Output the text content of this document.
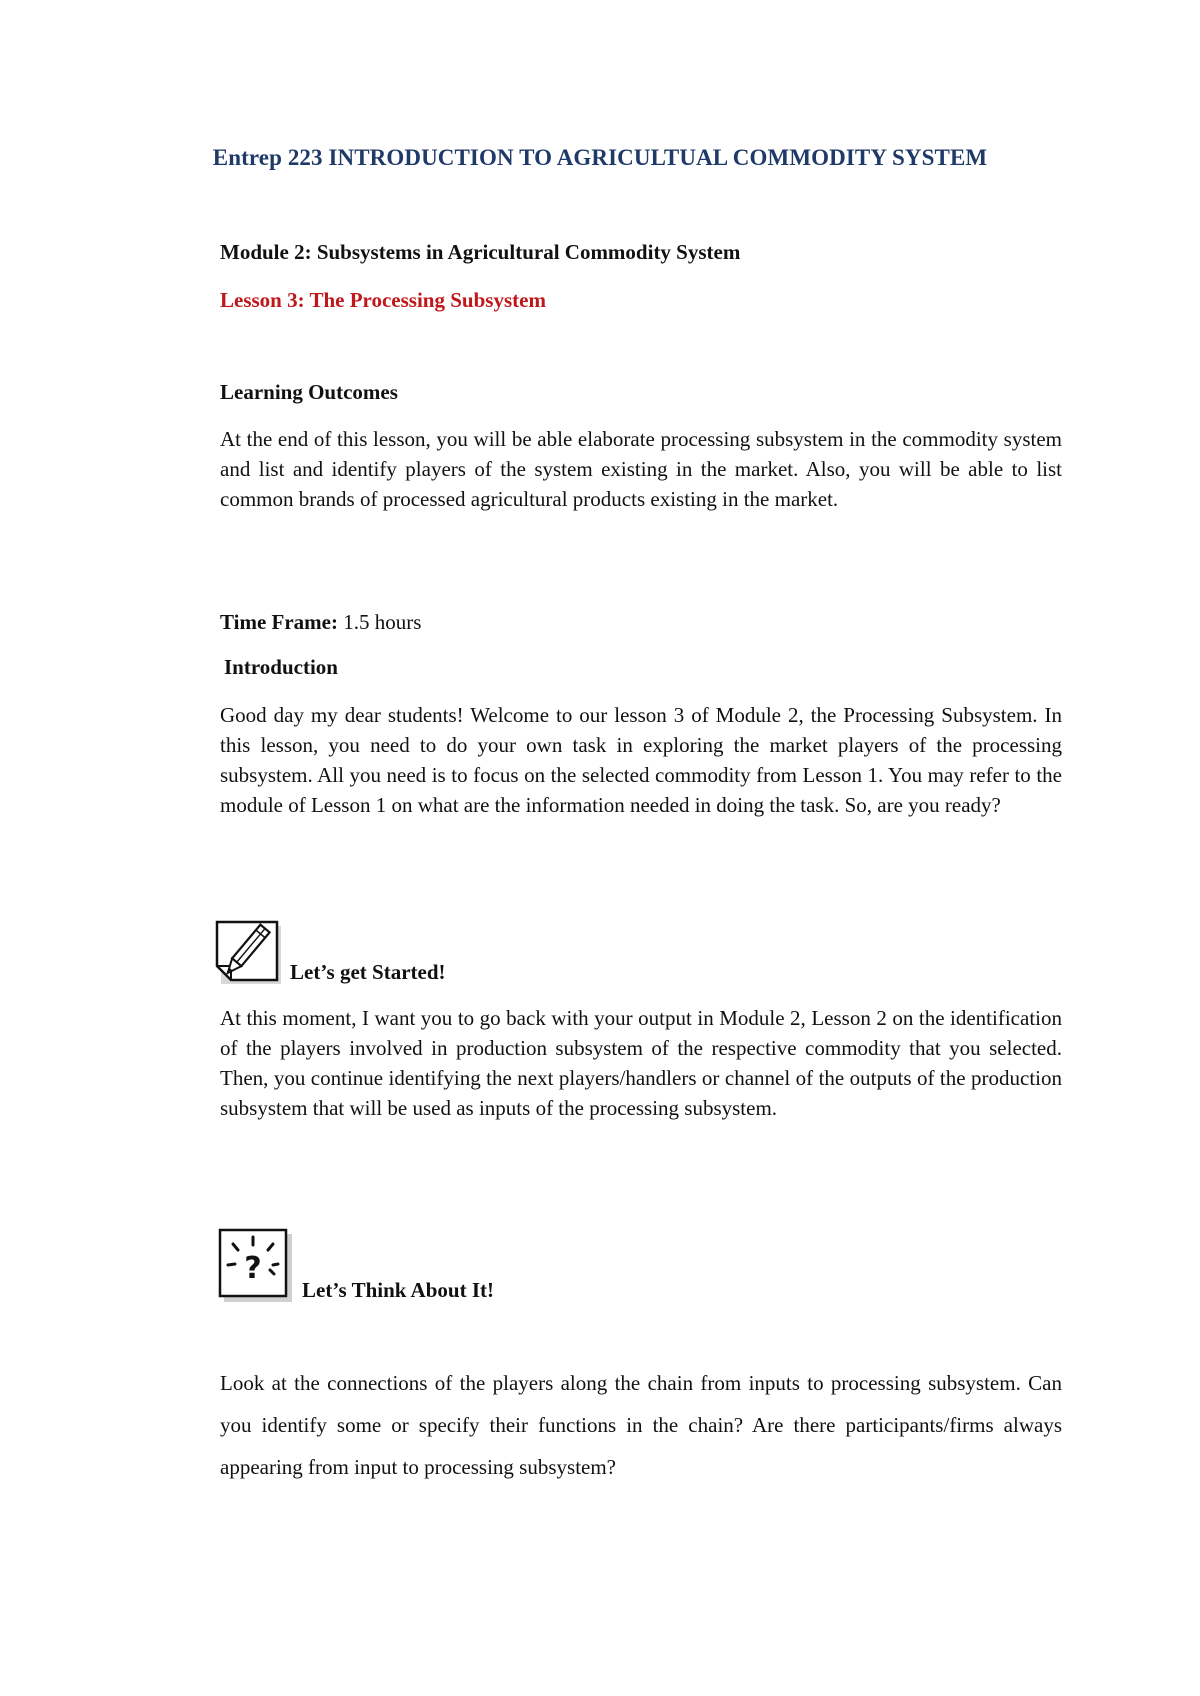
Entrep 223 INTRODUCTION TO AGRICULTUAL COMMODITY SYSTEM
Module 2: Subsystems in Agricultural Commodity System
Lesson 3: The Processing Subsystem
Learning Outcomes
At the end of this lesson, you will be able elaborate processing subsystem in the commodity system and list and identify players of the system existing in the market. Also, you will be able to list common brands of processed agricultural products existing in the market.
Time Frame: 1.5 hours
Introduction
Good day my dear students! Welcome to our lesson 3 of Module 2, the Processing Subsystem. In this lesson, you need to do your own task in exploring the market players of the processing subsystem. All you need is to focus on the selected commodity from Lesson 1. You may refer to the module of Lesson 1 on what are the information needed in doing the task. So, are you ready?
Let’s get Started!
At this moment, I want you to go back with your output in Module 2, Lesson 2 on the identification of the players involved in production subsystem of the respective commodity that you selected. Then, you continue identifying the next players/handlers or channel of the outputs of the production subsystem that will be used as inputs of the processing subsystem.
?
Let’s Think About It!
Look at the connections of the players along the chain from inputs to processing subsystem. Can you identify some or specify their functions in the chain? Are there participants/firms always appearing from input to processing subsystem?
